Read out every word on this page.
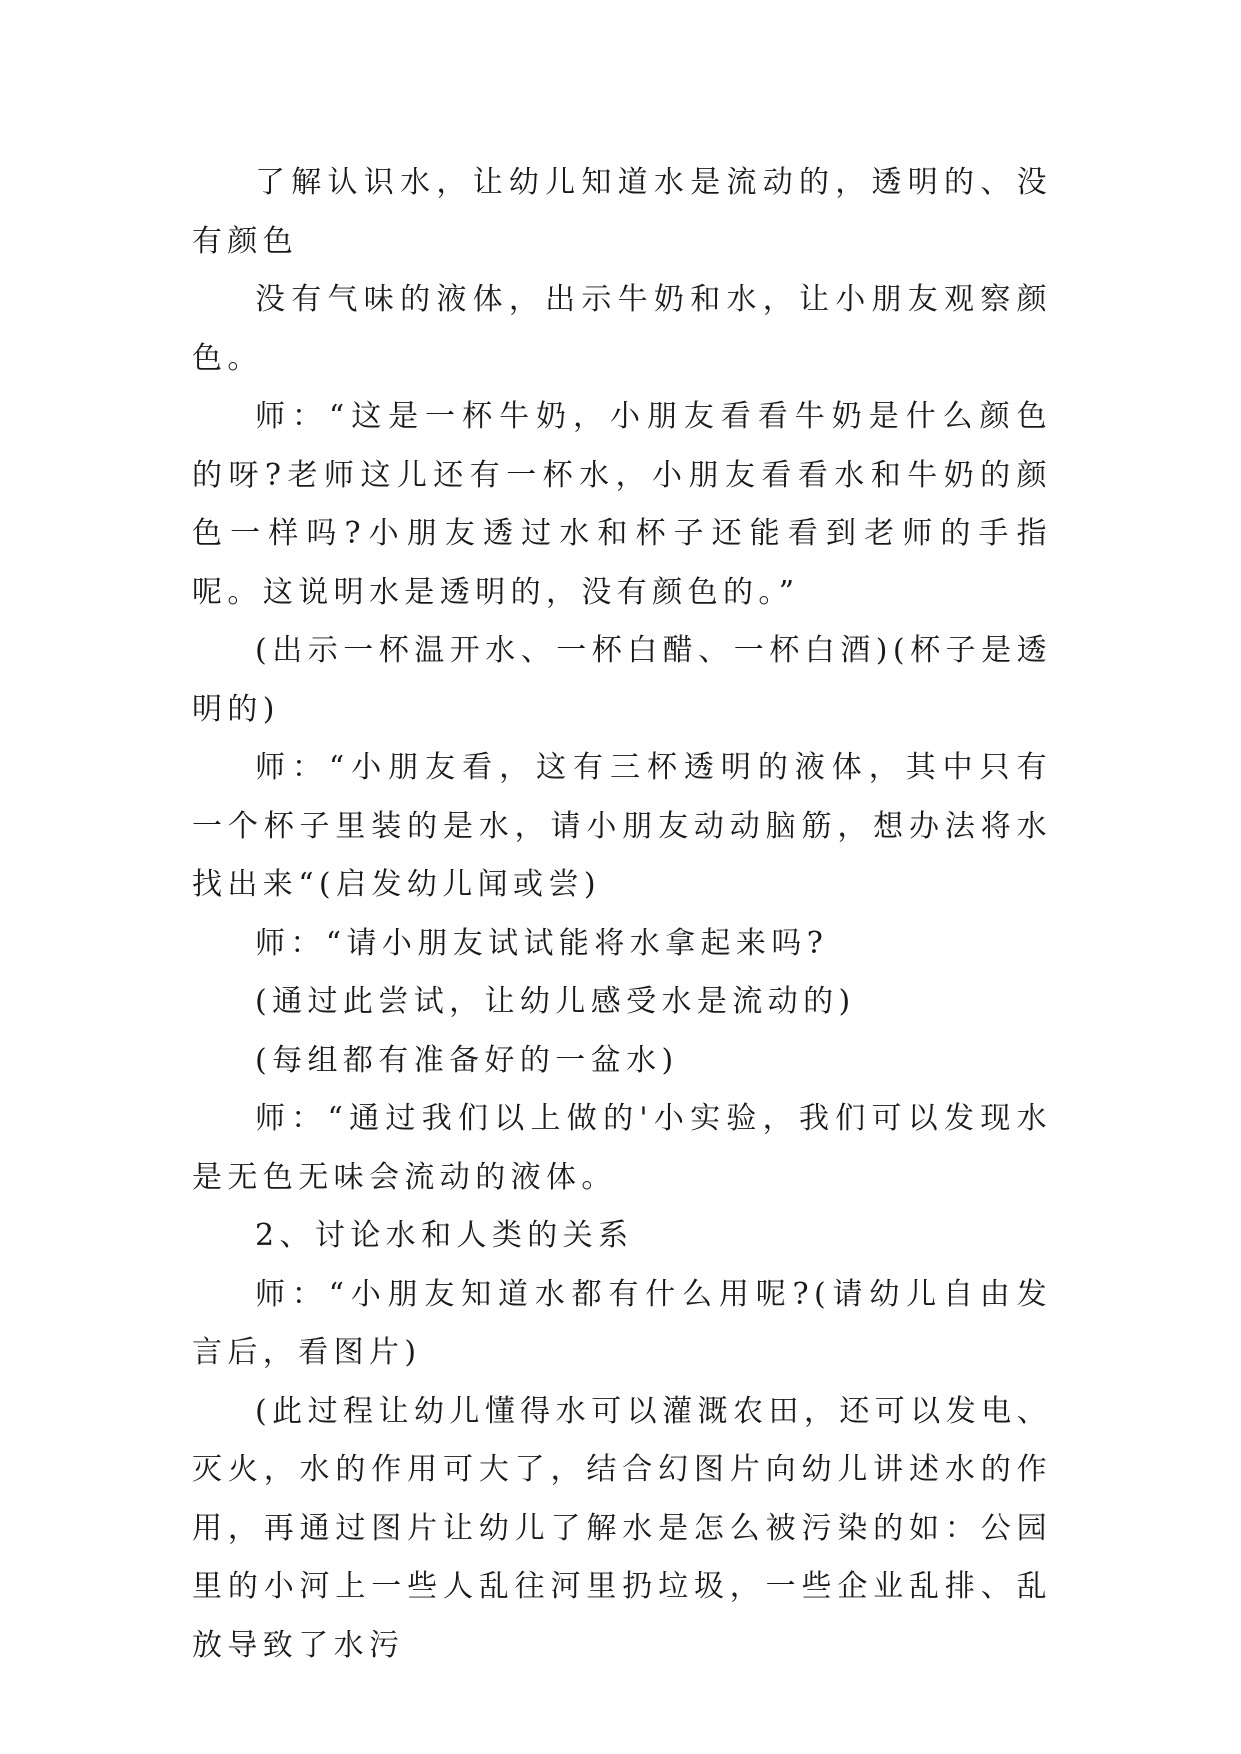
了解认识水，让幼儿知道水是流动的，透明的、没有颜色

没有气味的液体，出示牛奶和水，让小朋友观察颜色。

师：“这是一杯牛奶，小朋友看看牛奶是什么颜色的呀?老师这儿还有一杯水，小朋友看看水和牛奶的颜色一样吗?小朋友透过水和杯子还能看到老师的手指呢。这说明水是透明的，没有颜色的。”

(出示一杯温开水、一杯白醋、一杯白酒)(杯子是透明的)

师：“小朋友看，这有三杯透明的液体，其中只有一个杯子里装的是水，请小朋友动动脑筋，想办法将水找出来“(启发幼儿闻或尝)

师：“请小朋友试试能将水拿起来吗?

(通过此尝试，让幼儿感受水是流动的)

(每组都有准备好的一盆水)

师：“通过我们以上做的'小实验，我们可以发现水是无色无味会流动的液体。

2、讨论水和人类的关系

师：“小朋友知道水都有什么用呢?(请幼儿自由发言后，看图片)

(此过程让幼儿懂得水可以灌溉农田，还可以发电、灭火，水的作用可大了，结合幻图片向幼儿讲述水的作用，再通过图片让幼儿了解水是怎么被污染的如：公园里的小河上一些人乱往河里扔垃圾，一些企业乱排、乱放导致了水污
